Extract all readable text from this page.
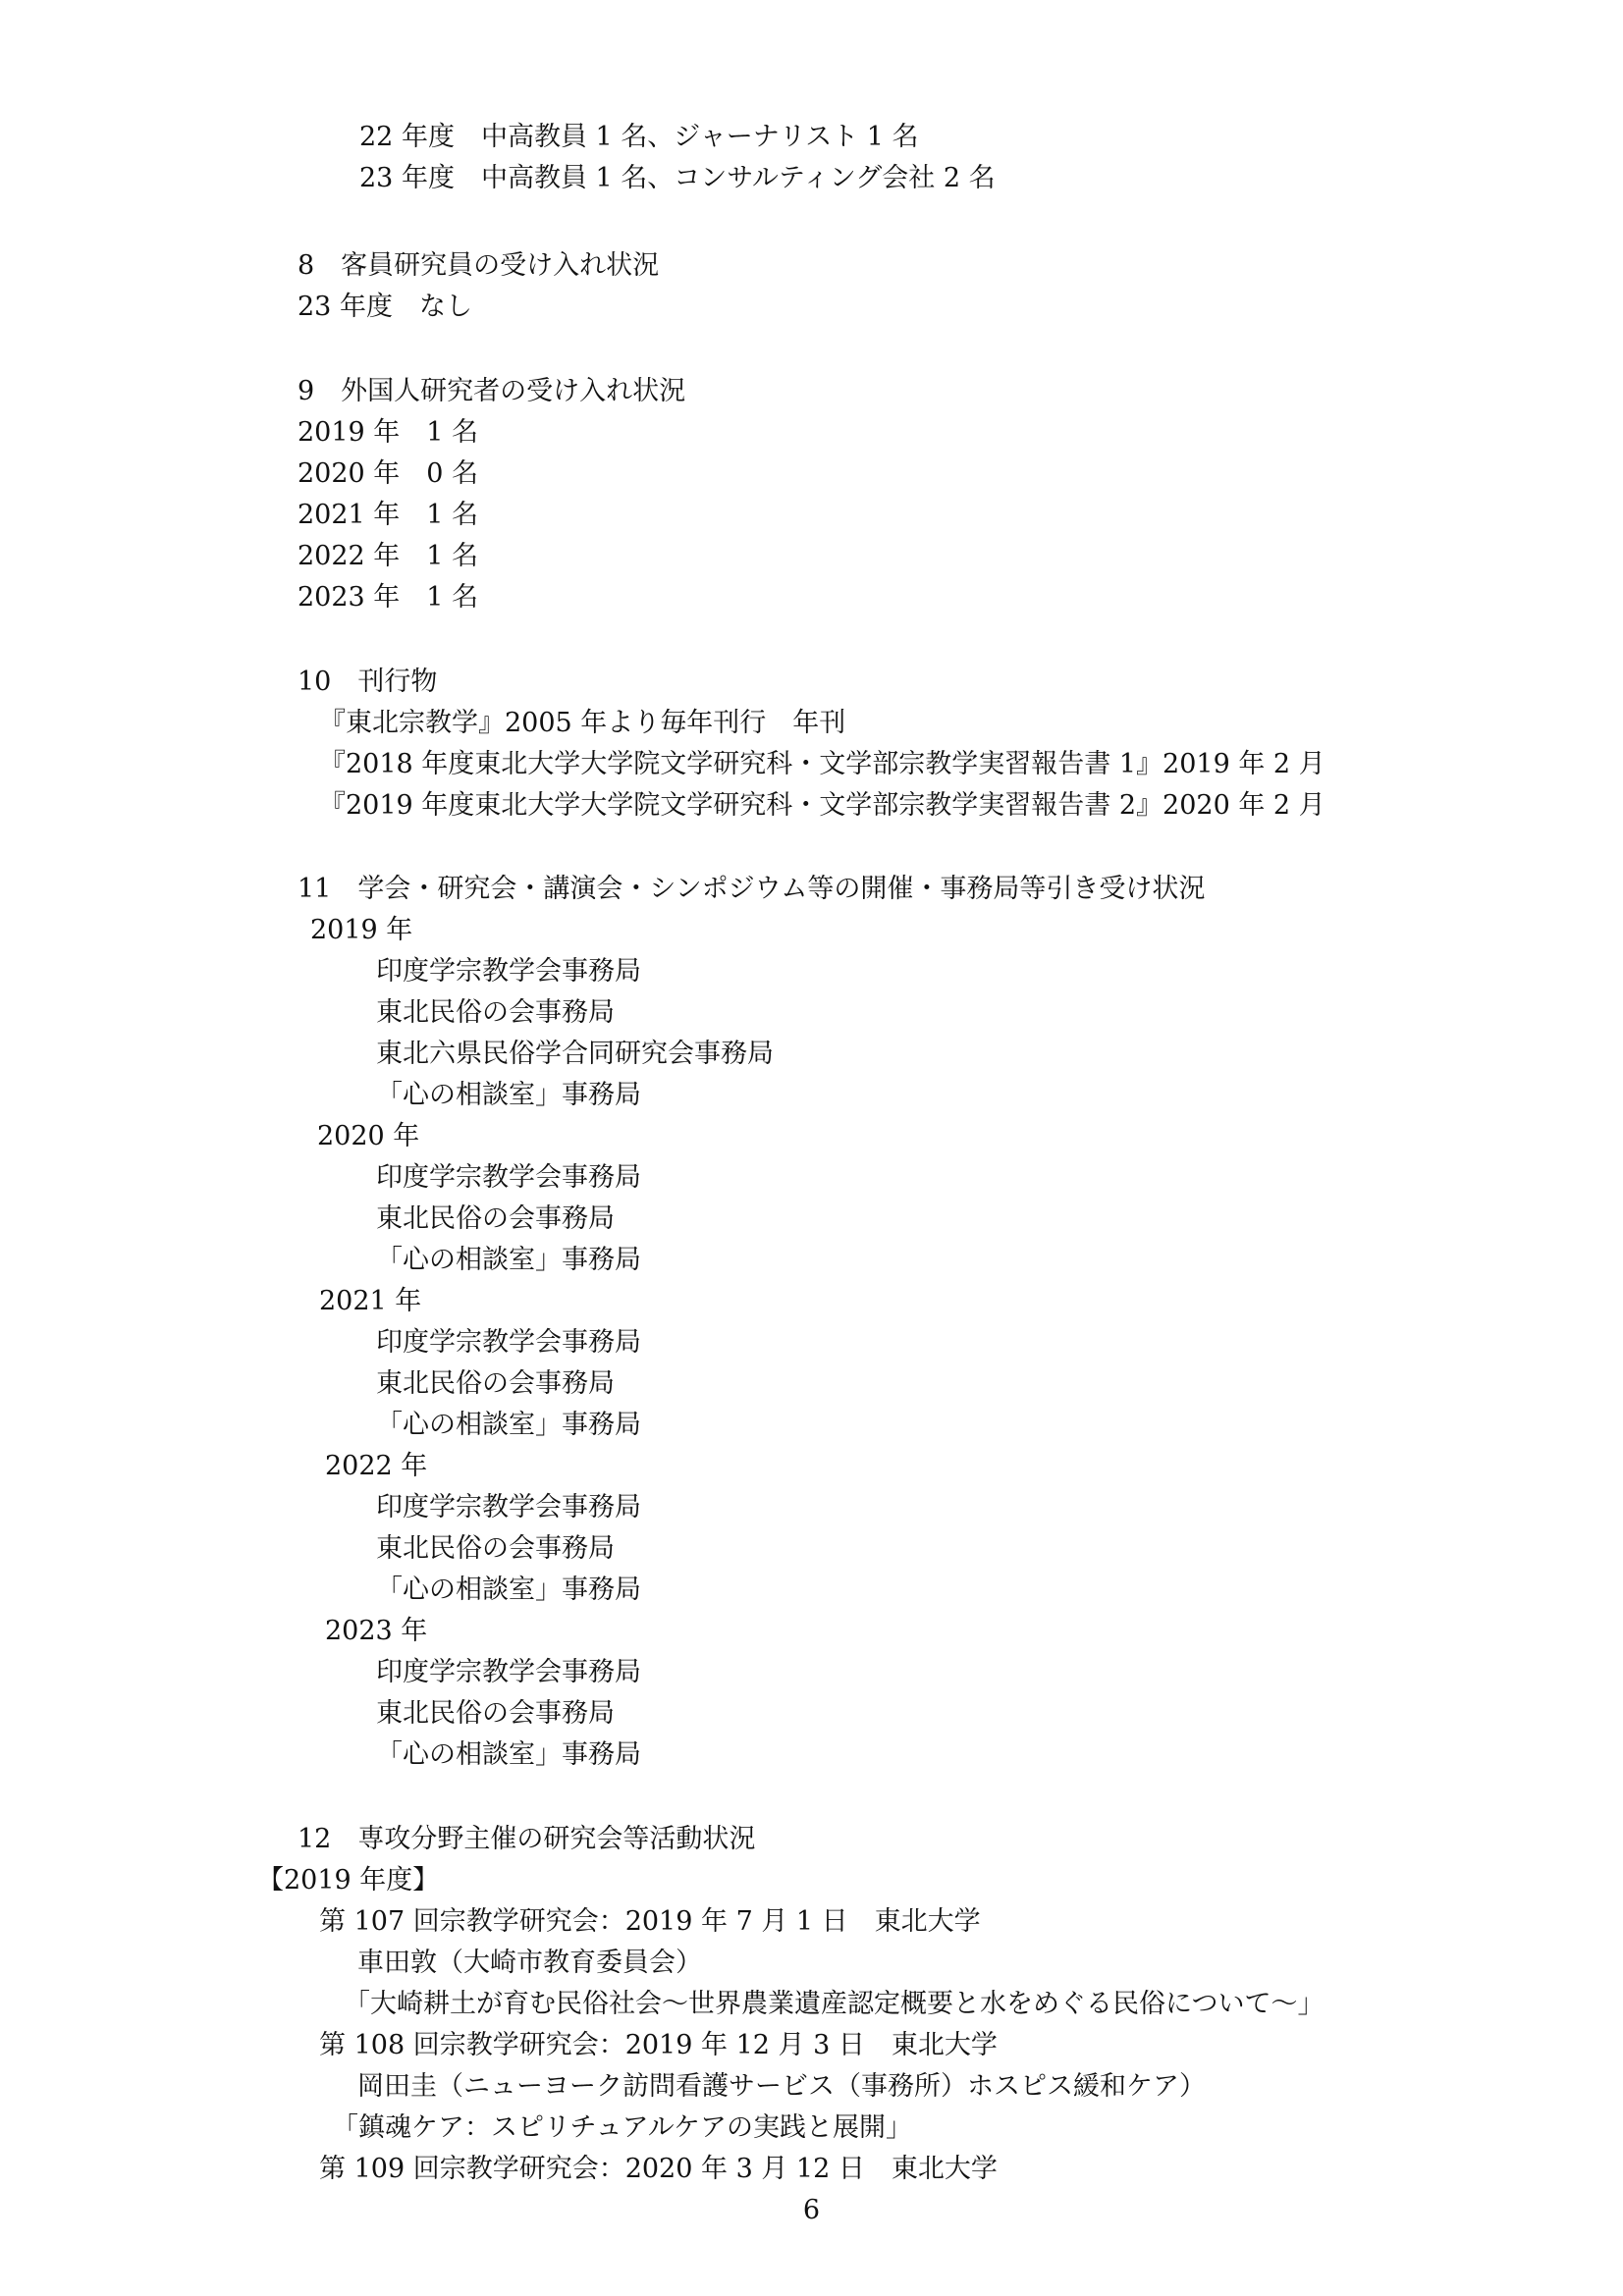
22 年度　中高教員 1 名、ジャーナリスト 1 名
23 年度　中高教員 1 名、コンサルティング会社 2 名
8　客員研究員の受け入れ状況
23 年度　なし
9　外国人研究者の受け入れ状況
2019 年　1 名
2020 年　0 名
2021 年　1 名
2022 年　1 名
2023 年　1 名
10　刊行物
『東北宗教学』2005 年より毎年刊行　年刊
『2018 年度東北大学大学院文学研究科・文学部宗教学実習報告書 1』2019 年 2 月
『2019 年度東北大学大学院文学研究科・文学部宗教学実習報告書 2』2020 年 2 月
11　学会・研究会・講演会・シンポジウム等の開催・事務局等引き受け状況
2019 年
印度学宗教学会事務局
東北民俗の会事務局
東北六県民俗学合同研究会事務局
「心の相談室」事務局
2020 年
印度学宗教学会事務局
東北民俗の会事務局
「心の相談室」事務局
2021 年
印度学宗教学会事務局
東北民俗の会事務局
「心の相談室」事務局
2022 年
印度学宗教学会事務局
東北民俗の会事務局
「心の相談室」事務局
2023 年
印度学宗教学会事務局
東北民俗の会事務局
「心の相談室」事務局
12　専攻分野主催の研究会等活動状況
【2019 年度】
第 107 回宗教学研究会：2019 年 7 月 1 日　東北大学
車田敦（大崎市教育委員会）
「大崎耕土が育む民俗社会～世界農業遺産認定概要と水をめぐる民俗について～」
第 108 回宗教学研究会：2019 年 12 月 3 日　東北大学
岡田圭（ニューヨーク訪問看護サービス（事務所）ホスピス緩和ケア）
「鎮魂ケア：スピリチュアルケアの実践と展開」
第 109 回宗教学研究会：2020 年 3 月 12 日　東北大学
6
